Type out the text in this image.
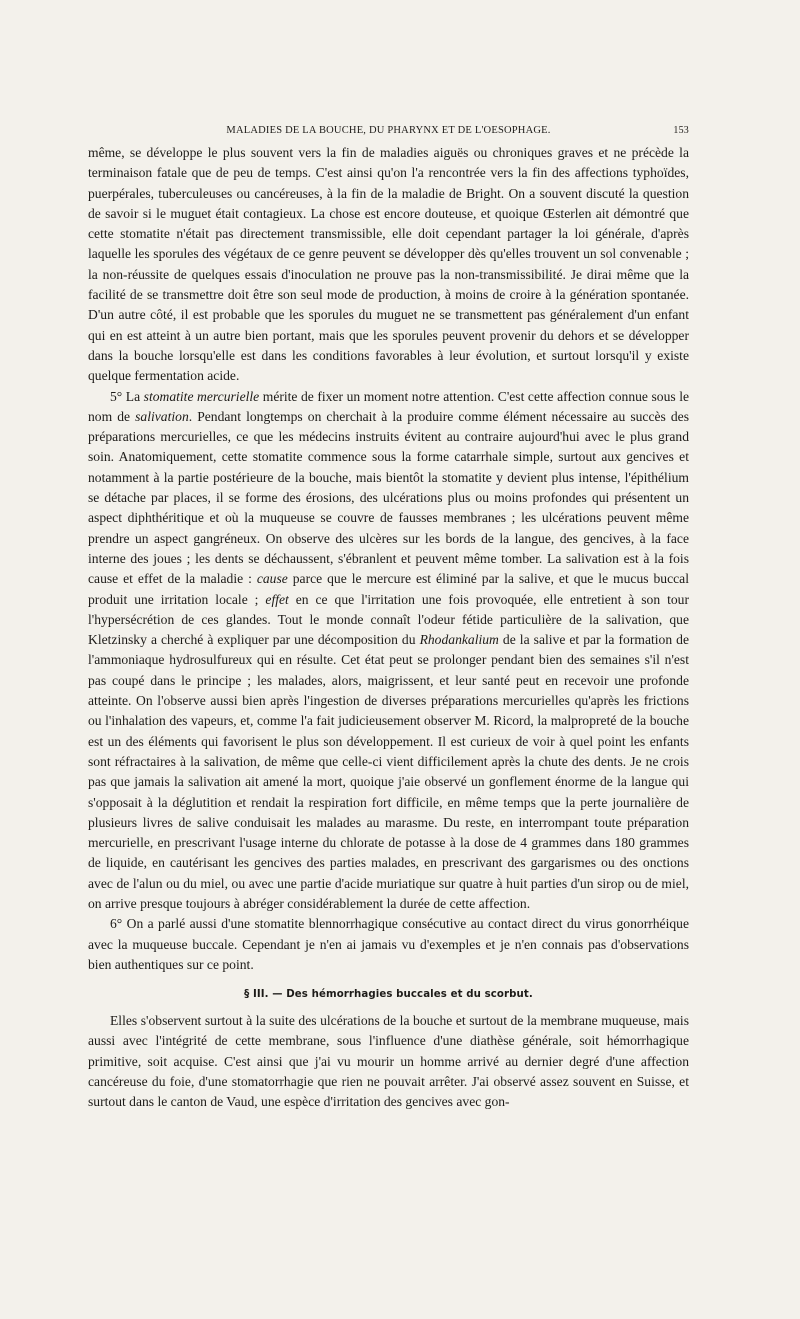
MALADIES DE LA BOUCHE, DU PHARYNX ET DE L'OESOPHAGE.	153

même, se développe le plus souvent vers la fin de maladies aiguës ou chroniques graves et ne précède la terminaison fatale que de peu de temps. C'est ainsi qu'on l'a rencontrée vers la fin des affections typhoïdes, puerpérales, tuberculeuses ou cancéreuses, à la fin de la maladie de Bright. On a souvent discuté la question de savoir si le muguet était contagieux. La chose est encore douteuse, et quoique Œsterlen ait démontré que cette stomatite n'était pas directement transmissible, elle doit cependant partager la loi générale, d'après laquelle les sporules des végétaux de ce genre peuvent se développer dès qu'elles trouvent un sol convenable ; la non-réussite de quelques essais d'inoculation ne prouve pas la non-transmissibilité. Je dirai même que la facilité de se transmettre doit être son seul mode de production, à moins de croire à la génération spontanée. D'un autre côté, il est probable que les sporules du muguet ne se transmettent pas généralement d'un enfant qui en est atteint à un autre bien portant, mais que les sporules peuvent provenir du dehors et se développer dans la bouche lorsqu'elle est dans les conditions favorables à leur évolution, et surtout lorsqu'il y existe quelque fermentation acide.

5° La stomatite mercurielle mérite de fixer un moment notre attention. C'est cette affection connue sous le nom de salivation. Pendant longtemps on cherchait à la produire comme élément nécessaire au succès des préparations mercurielles, ce que les médecins instruits évitent au contraire aujourd'hui avec le plus grand soin. Anatomiquement, cette stomatite commence sous la forme catarrhale simple, surtout aux gencives et notamment à la partie postérieure de la bouche, mais bientôt la stomatite y devient plus intense, l'épithélium se détache par places, il se forme des érosions, des ulcérations plus ou moins profondes qui présentent un aspect diphthéritique et où la muqueuse se couvre de fausses membranes ; les ulcérations peuvent même prendre un aspect gangréneux. On observe des ulcères sur les bords de la langue, des gencives, à la face interne des joues ; les dents se déchaussent, s'ébranlent et peuvent même tomber. La salivation est à la fois cause et effet de la maladie : cause parce que le mercure est éliminé par la salive, et que le mucus buccal produit une irritation locale ; effet en ce que l'irritation une fois provoquée, elle entretient à son tour l'hypersécrétion de ces glandes. Tout le monde connaît l'odeur fétide particulière de la salivation, que Kletzinsky a cherché à expliquer par une décomposition du Rhodankalium de la salive et par la formation de l'ammoniaque hydrosulfureux qui en résulte. Cet état peut se prolonger pendant bien des semaines s'il n'est pas coupé dans le principe ; les malades, alors, maigrissent, et leur santé peut en recevoir une profonde atteinte. On l'observe aussi bien après l'ingestion de diverses préparations mercurielles qu'après les frictions ou l'inhalation des vapeurs, et, comme l'a fait judicieusement observer M. Ricord, la malpropreté de la bouche est un des éléments qui favorisent le plus son développement. Il est curieux de voir à quel point les enfants sont réfractaires à la salivation, de même que celle-ci vient difficilement après la chute des dents. Je ne crois pas que jamais la salivation ait amené la mort, quoique j'aie observé un gonflement énorme de la langue qui s'opposait à la déglutition et rendait la respiration fort difficile, en même temps que la perte journalière de plusieurs livres de salive conduisait les malades au marasme. Du reste, en interrompant toute préparation mercurielle, en prescrivant l'usage interne du chlorate de potasse à la dose de 4 grammes dans 180 grammes de liquide, en cautérisant les gencives des parties malades, en prescrivant des gargarismes ou des onctions avec de l'alun ou du miel, ou avec une partie d'acide muriatique sur quatre à huit parties d'un sirop ou de miel, on arrive presque toujours à abréger considérablement la durée de cette affection.

6° On a parlé aussi d'une stomatite blennorrhagique consécutive au contact direct du virus gonorrhéique avec la muqueuse buccale. Cependant je n'en ai jamais vu d'exemples et je n'en connais pas d'observations bien authentiques sur ce point.

§ III. — Des hémorrhagies buccales et du scorbut.

Elles s'observent surtout à la suite des ulcérations de la bouche et surtout de la membrane muqueuse, mais aussi avec l'intégrité de cette membrane, sous l'influence d'une diathèse générale, soit hémorrhagique primitive, soit acquise. C'est ainsi que j'ai vu mourir un homme arrivé au dernier degré d'une affection cancéreuse du foie, d'une stomatorrhagie que rien ne pouvait arrêter. J'ai observé assez souvent en Suisse, et surtout dans le canton de Vaud, une espèce d'irritation des gencives avec gon-
